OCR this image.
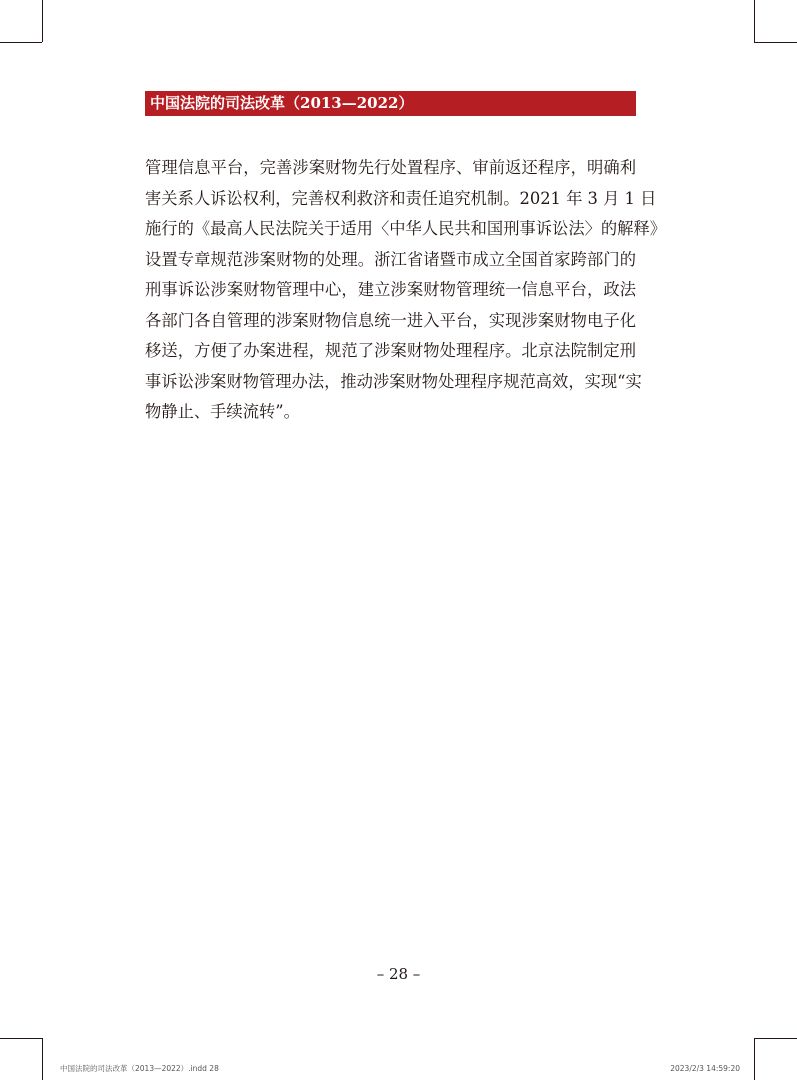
中国法院的司法改革（2013—2022）
管理信息平台，完善涉案财物先行处置程序、审前返还程序，明确利
害关系人诉讼权利，完善权利救济和责任追究机制。2021 年 3 月 1 日
施行的《最高人民法院关于适用〈中华人民共和国刑事诉讼法〉的解释》
设置专章规范涉案财物的处理。浙江省诸暨市成立全国首家跨部门的
刑事诉讼涉案财物管理中心，建立涉案财物管理统一信息平台，政法
各部门各自管理的涉案财物信息统一进入平台，实现涉案财物电子化
移送，方便了办案进程，规范了涉案财物处理程序。北京法院制定刑
事诉讼涉案财物管理办法，推动涉案财物处理程序规范高效，实现“实
物静止、手续流转”。
– 28 –
中国法院的司法改革（2013—2022）.indd 28	2023/2/3 14:59:20
